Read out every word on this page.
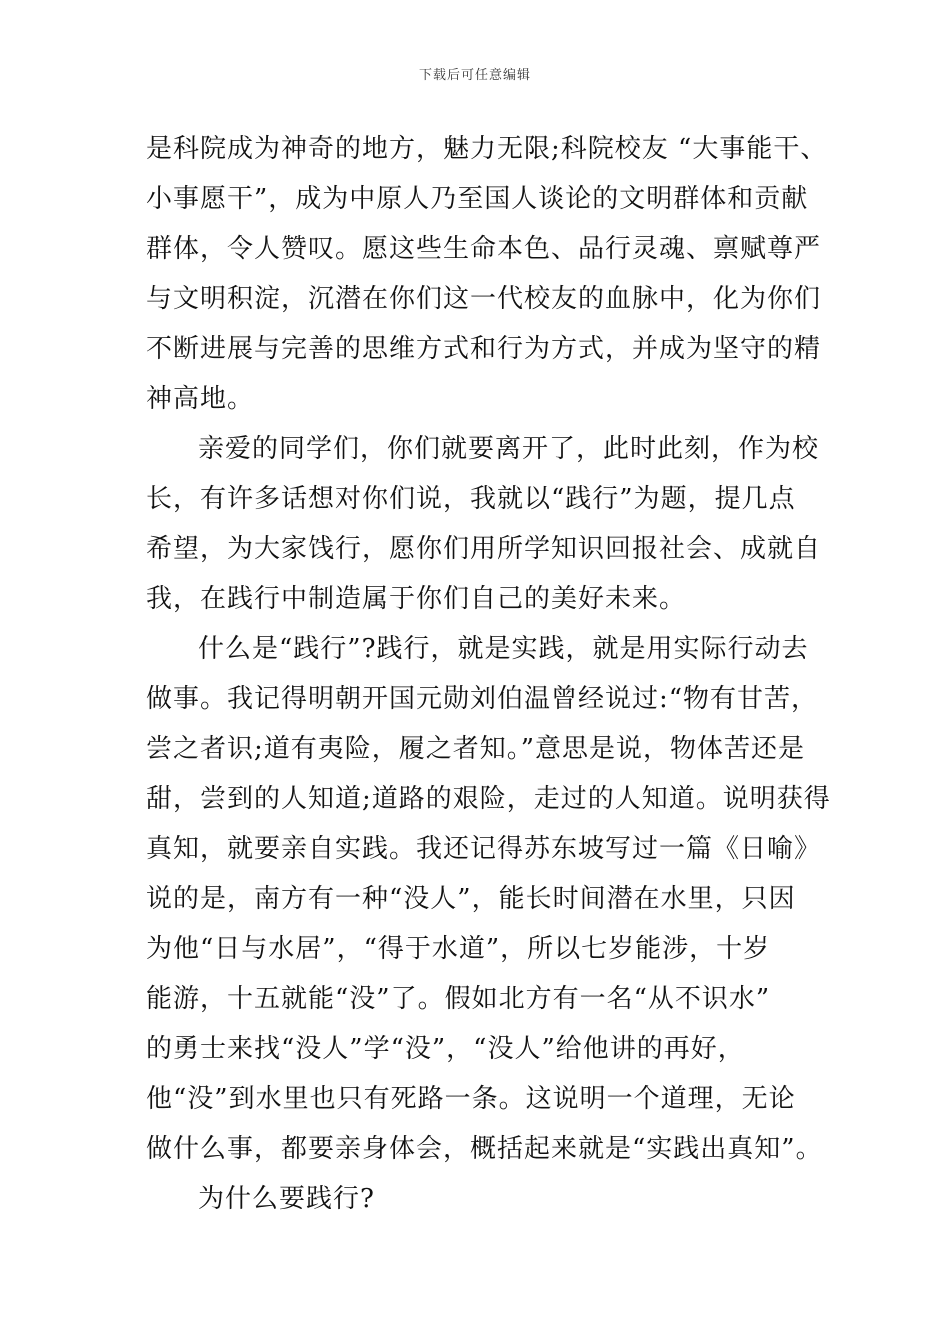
下载后可任意编辑
是科院成为神奇的地方，魅力无限;科院校友 “大事能干、
小事愿干”，成为中原人乃至国人谈论的文明群体和贡献
群体，令人赞叹。愿这些生命本色、品行灵魂、禀赋尊严
与文明积淀，沉潜在你们这一代校友的血脉中，化为你们
不断进展与完善的思维方式和行为方式，并成为坚守的精
神高地。
亲爱的同学们，你们就要离开了，此时此刻，作为校
长，有许多话想对你们说，我就以“践行”为题，提几点
希望，为大家饯行，愿你们用所学知识回报社会、成就自
我，在践行中制造属于你们自己的美好未来。
什么是“践行”?践行，就是实践，就是用实际行动去
做事。我记得明朝开国元勋刘伯温曾经说过:“物有甘苦，
尝之者识;道有夷险，履之者知。”意思是说，物体苦还是
甜，尝到的人知道;道路的艰险，走过的人知道。说明获得
真知，就要亲自实践。我还记得苏东坡写过一篇《日喻》
说的是，南方有一种“没人”，能长时间潜在水里，只因
为他“日与水居”，“得于水道”，所以七岁能涉，十岁
能游，十五就能“没”了。假如北方有一名“从不识水”
的勇士来找“没人”学“没”，“没人”给他讲的再好，
他“没”到水里也只有死路一条。这说明一个道理，无论
做什么事，都要亲身体会，概括起来就是“实践出真知”。
为什么要践行?
